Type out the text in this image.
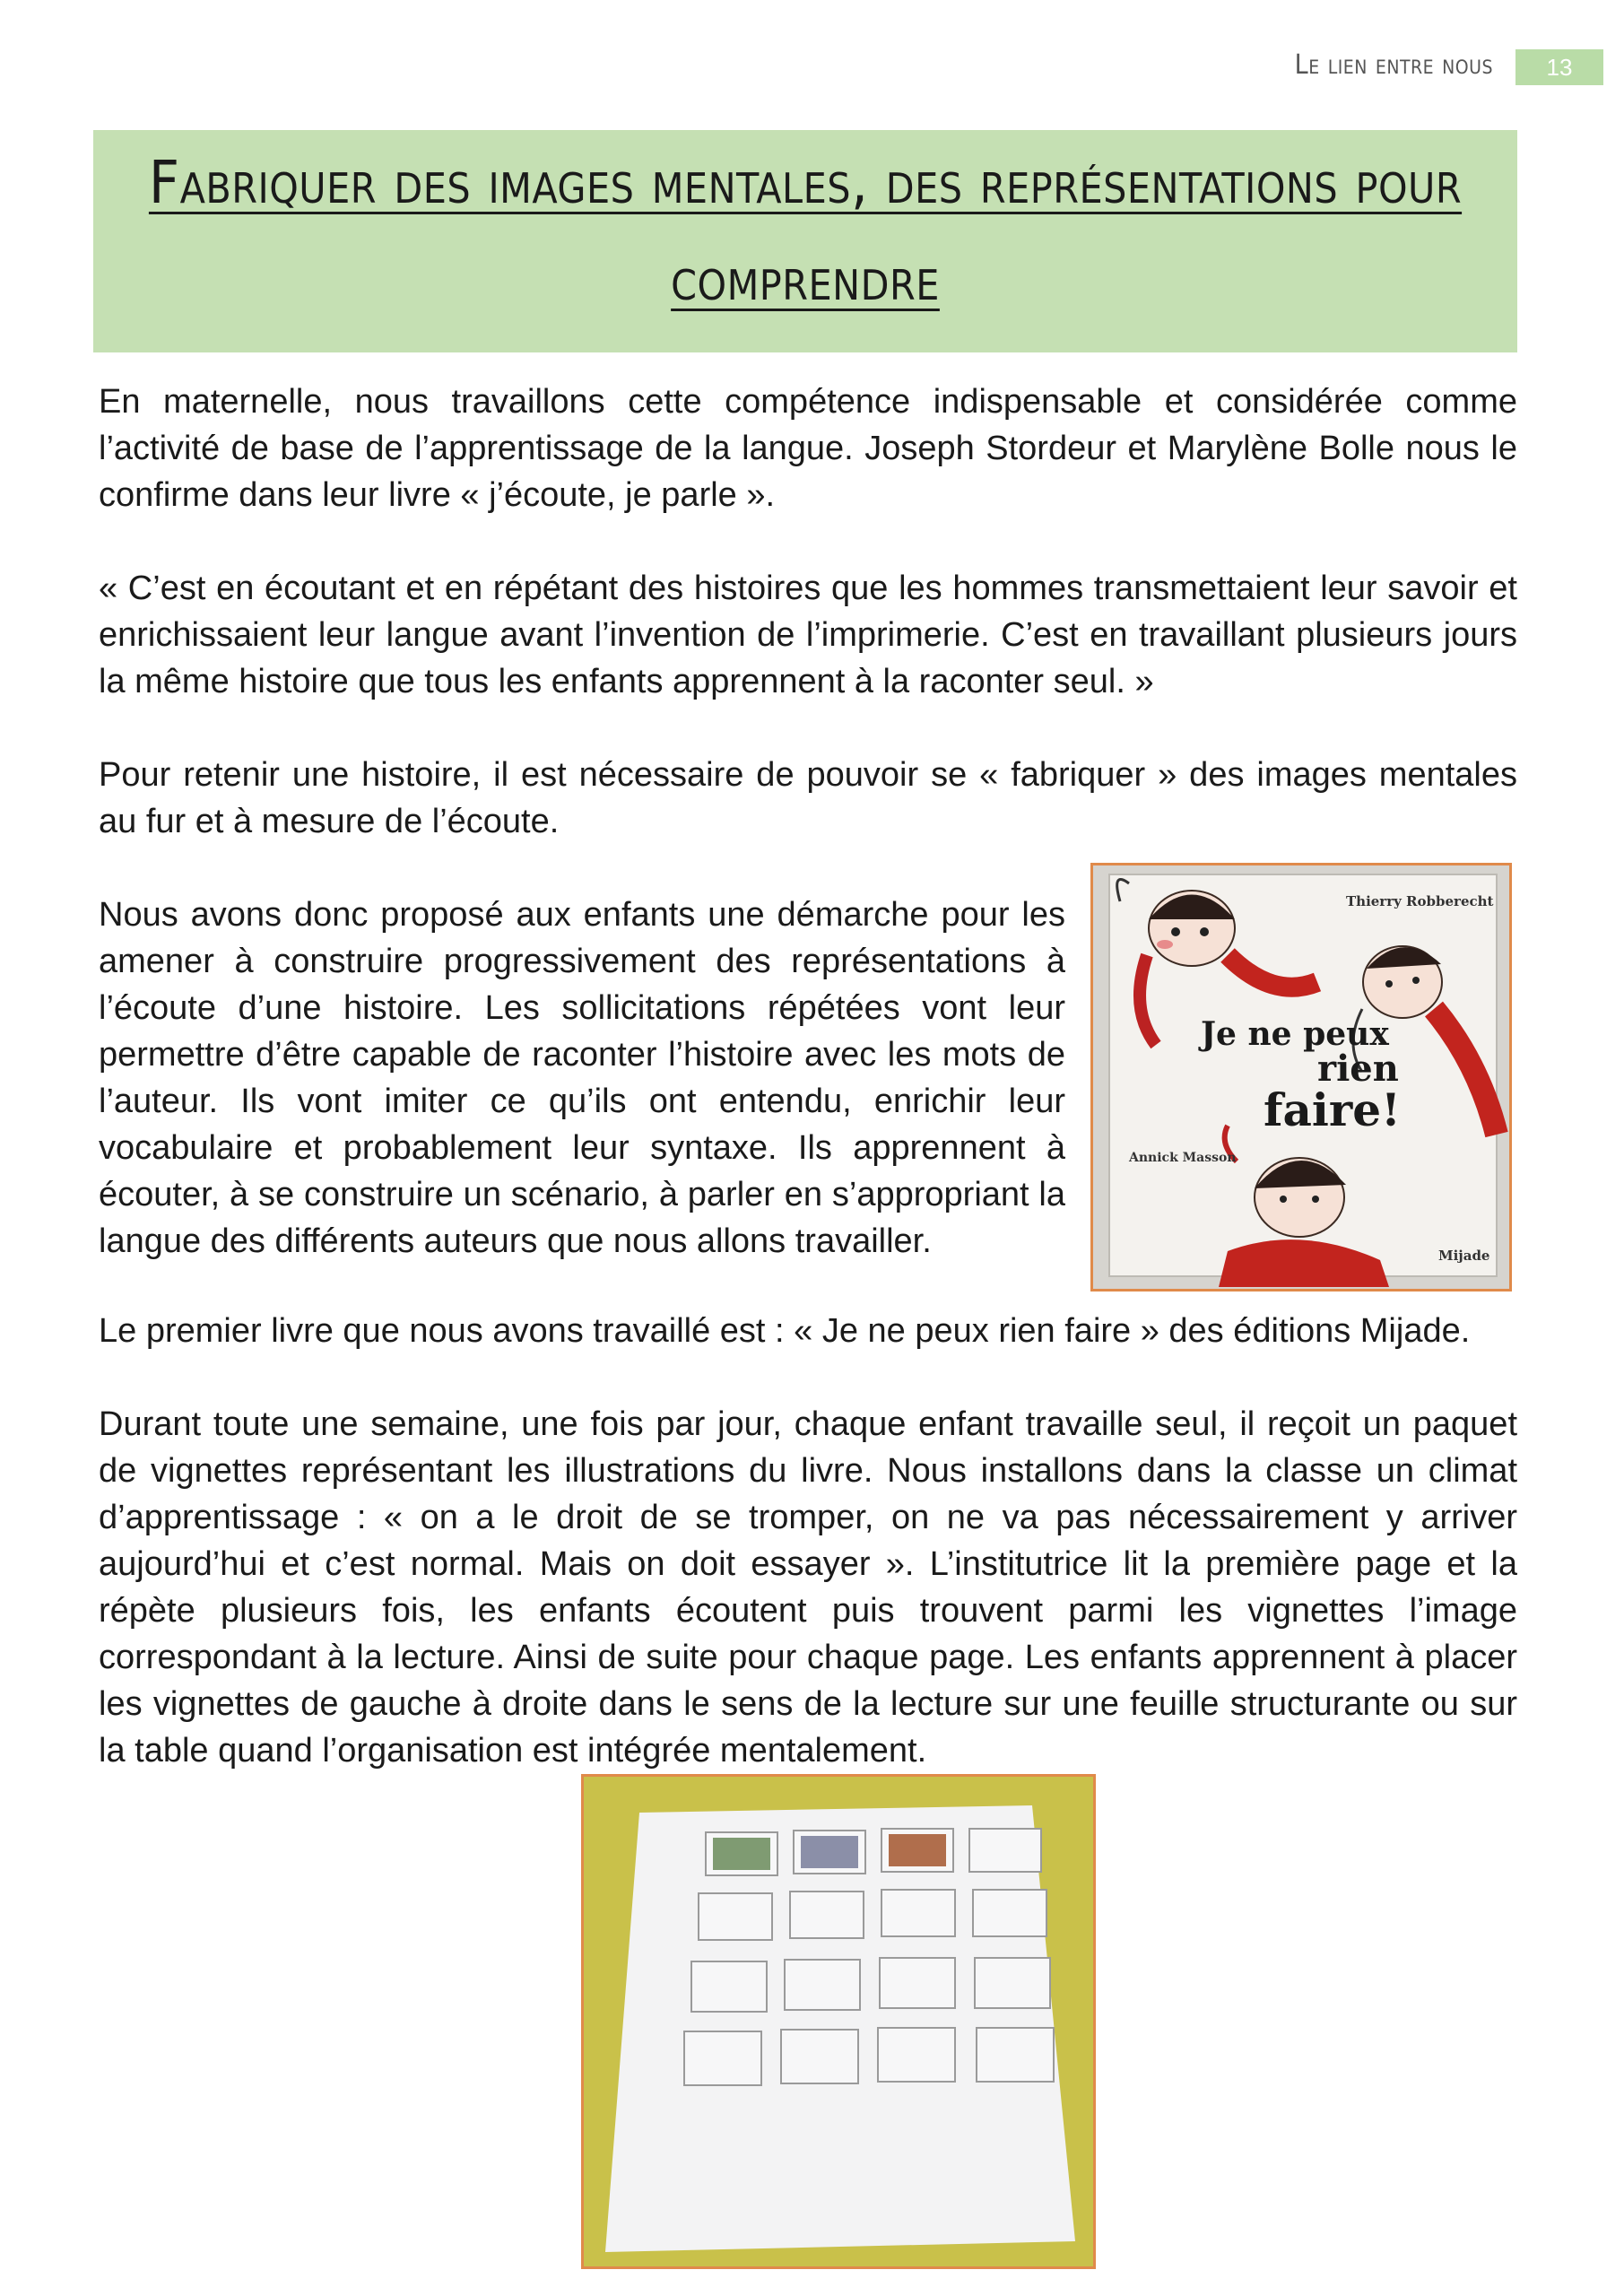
Le lien entre nous	13
Fabriquer des images mentales, des représentations pour
comprendre
En maternelle, nous travaillons cette compétence indispensable et considérée comme l’activité de base de l’apprentissage de la langue. Joseph Stordeur et Marylène Bolle nous le confirme dans leur livre « j’écoute, je parle ».
« C’est en écoutant et en répétant des histoires que les hommes transmettaient leur savoir et enrichissaient leur langue avant l’invention de l’imprimerie. C’est en travaillant plusieurs jours la même histoire que tous les enfants apprennent à la raconter seul. »
Pour retenir une histoire, il est nécessaire de pouvoir se « fabriquer » des images mentales au fur et à mesure de l’écoute.
Nous avons donc proposé aux enfants une démarche pour les amener à construire progressivement des représentations à l’écoute d’une histoire. Les sollicitations répétées vont leur permettre d’être capable de raconter l’histoire avec les mots de l’auteur. Ils vont imiter ce qu’ils ont entendu, enrichir leur vocabulaire et probablement leur syntaxe. Ils apprennent à écouter, à se construire un scénario, à parler en s’appropriant la langue des différents auteurs que nous allons travailler.
Le premier livre que nous avons travaillé est : « Je ne peux rien faire » des éditions Mijade.
Durant toute une semaine, une fois par jour, chaque enfant travaille seul, il reçoit un paquet de vignettes représentant les illustrations du livre. Nous installons dans la classe un climat d’apprentissage : « on a le droit de se tromper, on ne va pas nécessairement y arriver aujourd’hui et c’est normal. Mais on doit essayer ». L’institutrice lit la première page et la répète plusieurs fois, les enfants écoutent puis trouvent parmi les vignettes l’image correspondant à la lecture. Ainsi de suite pour chaque page. Les enfants apprennent à placer les vignettes de gauche à droite dans le sens de la lecture sur une feuille structurante ou sur la table quand l’organisation est intégrée mentalement.
Thierry Robberecht
Je ne peux
rien
faire!
Annick Masson
Mijade
